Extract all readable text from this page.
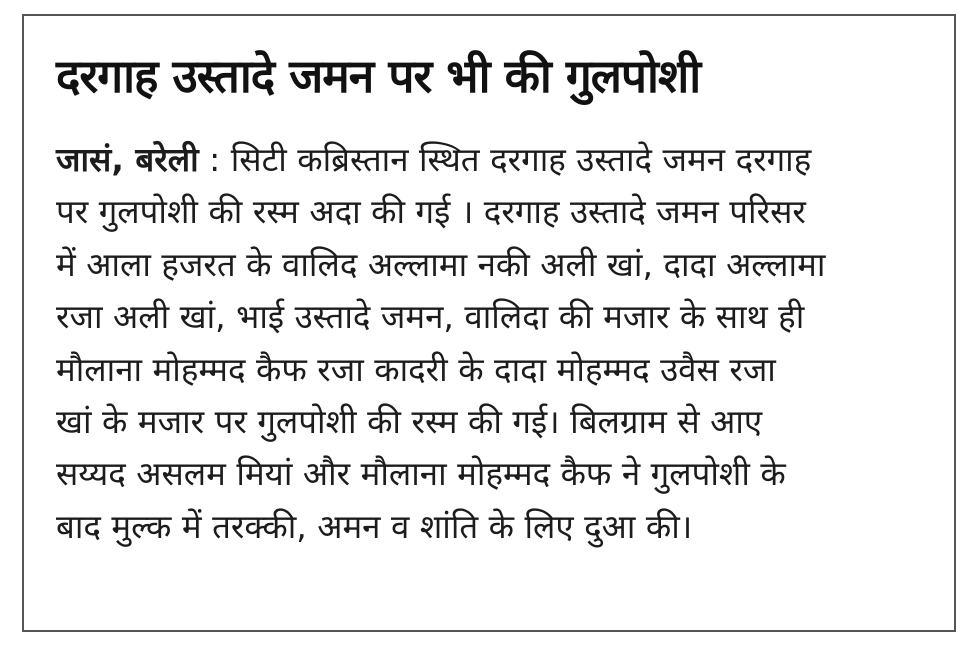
दरगाह उस्तादे जमन पर भी की गुलपोशी
जासं, बरेली : सिटी कब्रिस्तान स्थित दरगाह उस्तादे जमन दरगाह
पर गुलपोशी की रस्म अदा की गई । दरगाह उस्तादे जमन परिसर
में आला हजरत के वालिद अल्लामा नकी अली खां, दादा अल्लामा
रजा अली खां, भाई उस्तादे जमन, वालिदा की मजार के साथ ही
मौलाना मोहम्मद कैफ रजा कादरी के दादा मोहम्मद उवैस रजा
खां के मजार पर गुलपोशी की रस्म की गई। बिलग्राम से आए
सय्यद असलम मियां और मौलाना मोहम्मद कैफ ने गुलपोशी के
बाद मुल्क में तरक्की, अमन व शांति के लिए दुआ की।
